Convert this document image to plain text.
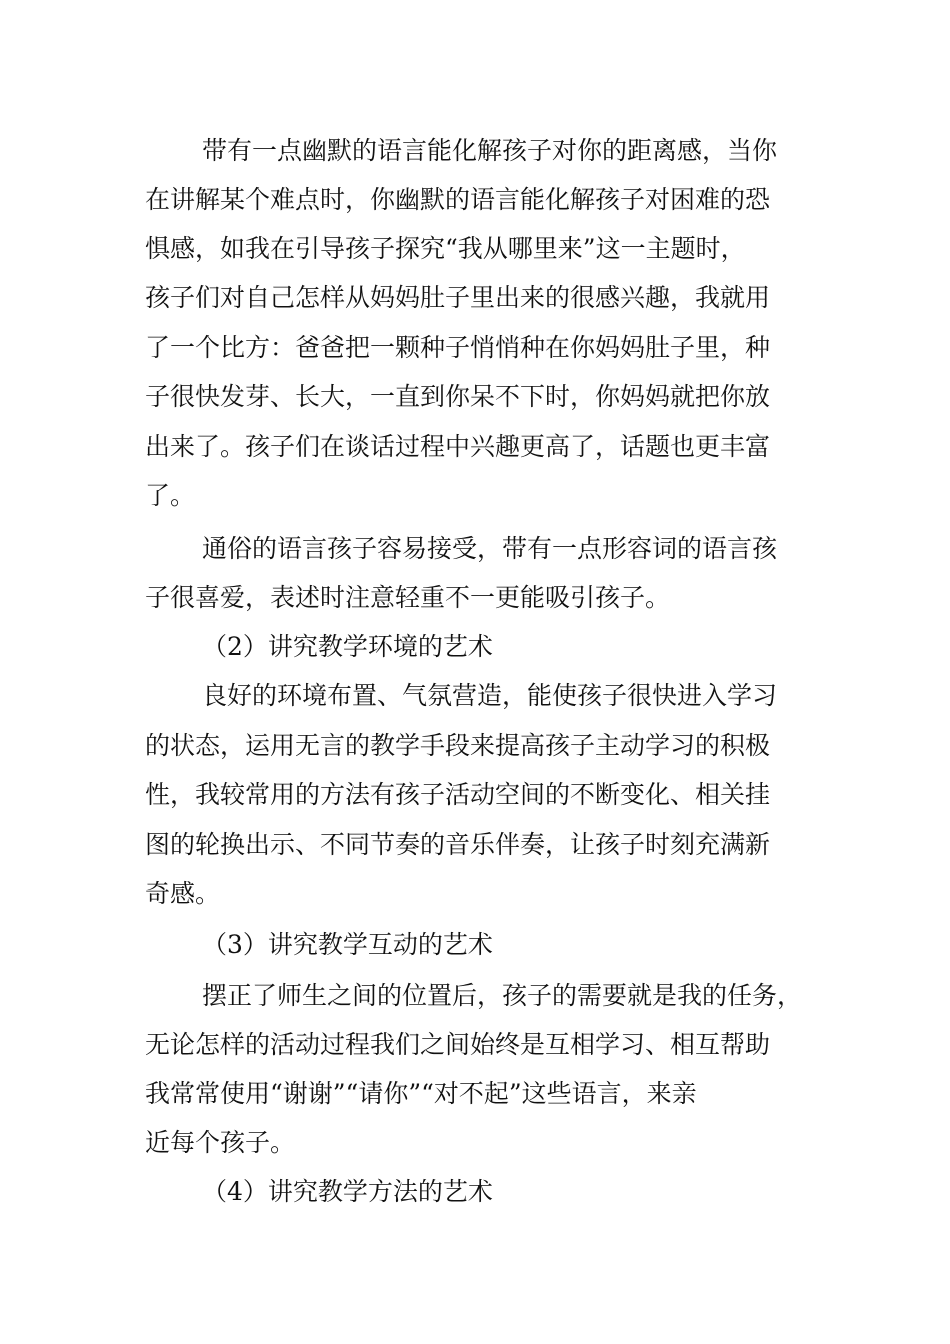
带有一点幽默的语言能化解孩子对你的距离感，当你
在讲解某个难点时，你幽默的语言能化解孩子对困难的恐
惧感，如我在引导孩子探究“我从哪里来”这一主题时，
孩子们对自己怎样从妈妈肚子里出来的很感兴趣，我就用
了一个比方：爸爸把一颗种子悄悄种在你妈妈肚子里，种
子很快发芽、长大，一直到你呆不下时，你妈妈就把你放
出来了。孩子们在谈话过程中兴趣更高了，话题也更丰富
了。
通俗的语言孩子容易接受，带有一点形容词的语言孩
子很喜爱，表述时注意轻重不一更能吸引孩子。
（2）讲究教学环境的艺术
良好的环境布置、气氛营造，能使孩子很快进入学习
的状态，运用无言的教学手段来提高孩子主动学习的积极
性，我较常用的方法有孩子活动空间的不断变化、相关挂
图的轮换出示、不同节奏的音乐伴奏，让孩子时刻充满新
奇感。
（3）讲究教学互动的艺术
摆正了师生之间的位置后，孩子的需要就是我的任务，
无论怎样的活动过程我们之间始终是互相学习、相互帮助
我常常使用“谢谢”“请你”“对不起”这些语言，来亲
近每个孩子。
（4）讲究教学方法的艺术
